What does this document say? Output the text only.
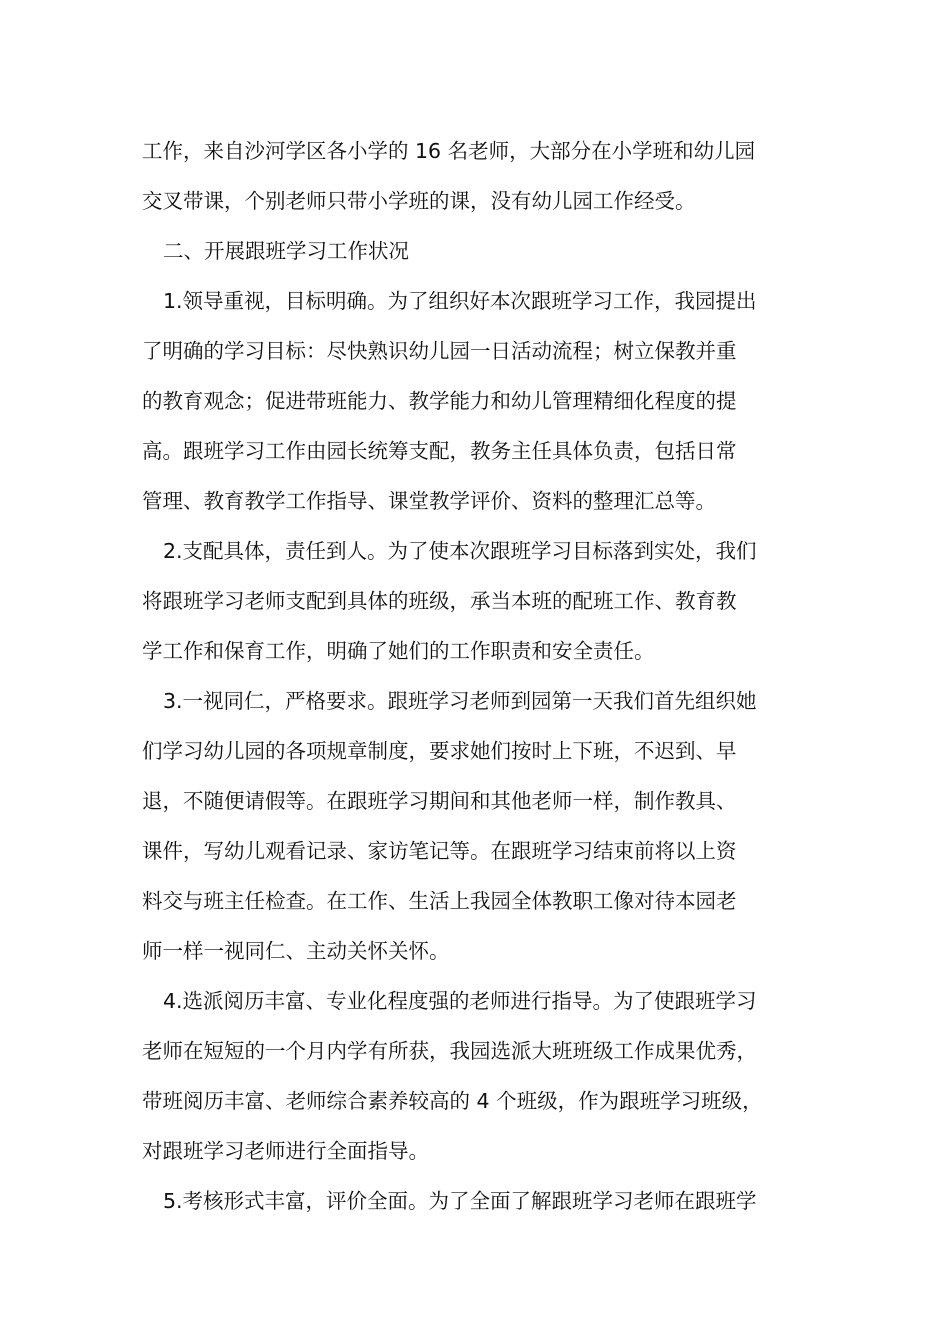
工作，来自沙河学区各小学的 16 名老师，大部分在小学班和幼儿园
交叉带课，个别老师只带小学班的课，没有幼儿园工作经受。
二、开展跟班学习工作状况
1.领导重视，目标明确。为了组织好本次跟班学习工作，我园提出
了明确的学习目标：尽快熟识幼儿园一日活动流程；树立保教并重
的教育观念；促进带班能力、教学能力和幼儿管理精细化程度的提
高。跟班学习工作由园长统筹支配，教务主任具体负责，包括日常
管理、教育教学工作指导、课堂教学评价、资料的整理汇总等。
2.支配具体，责任到人。为了使本次跟班学习目标落到实处，我们
将跟班学习老师支配到具体的班级，承当本班的配班工作、教育教
学工作和保育工作，明确了她们的工作职责和安全责任。
3.一视同仁，严格要求。跟班学习老师到园第一天我们首先组织她
们学习幼儿园的各项规章制度，要求她们按时上下班，不迟到、早
退，不随便请假等。在跟班学习期间和其他老师一样，制作教具、
课件，写幼儿观看记录、家访笔记等。在跟班学习结束前将以上资
料交与班主任检查。在工作、生活上我园全体教职工像对待本园老
师一样一视同仁、主动关怀关怀。
4.选派阅历丰富、专业化程度强的老师进行指导。为了使跟班学习
老师在短短的一个月内学有所获，我园选派大班班级工作成果优秀，
带班阅历丰富、老师综合素养较高的 4 个班级，作为跟班学习班级，
对跟班学习老师进行全面指导。
5.考核形式丰富，评价全面。为了全面了解跟班学习老师在跟班学
